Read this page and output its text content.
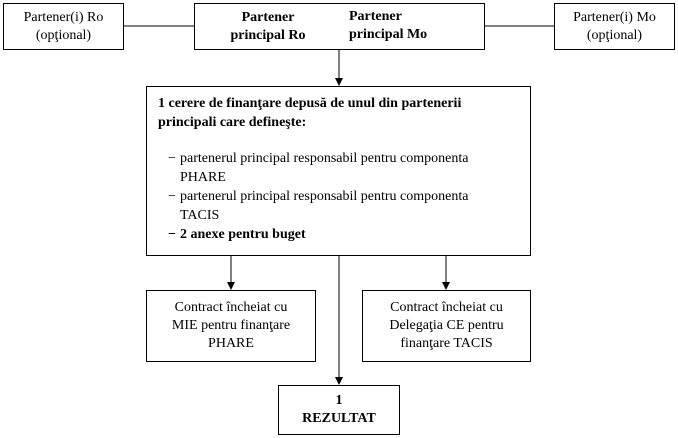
Partener(i) Ro
(opţional)
Partener
principal Ro
Partener
principal Mo
Partener(i) Mo
(opţional)
1 cerere de finanţare depusă de unul din partenerii
principali care defineşte:
− partenerul principal responsabil pentru componenta
PHARE
− partenerul principal responsabil pentru componenta
TACIS
− 2 anexe pentru buget
Contract încheiat cu
MIE pentru finanţare
PHARE
Contract încheiat cu
Delegaţia CE pentru
finanţare TACIS
1
REZULTAT
